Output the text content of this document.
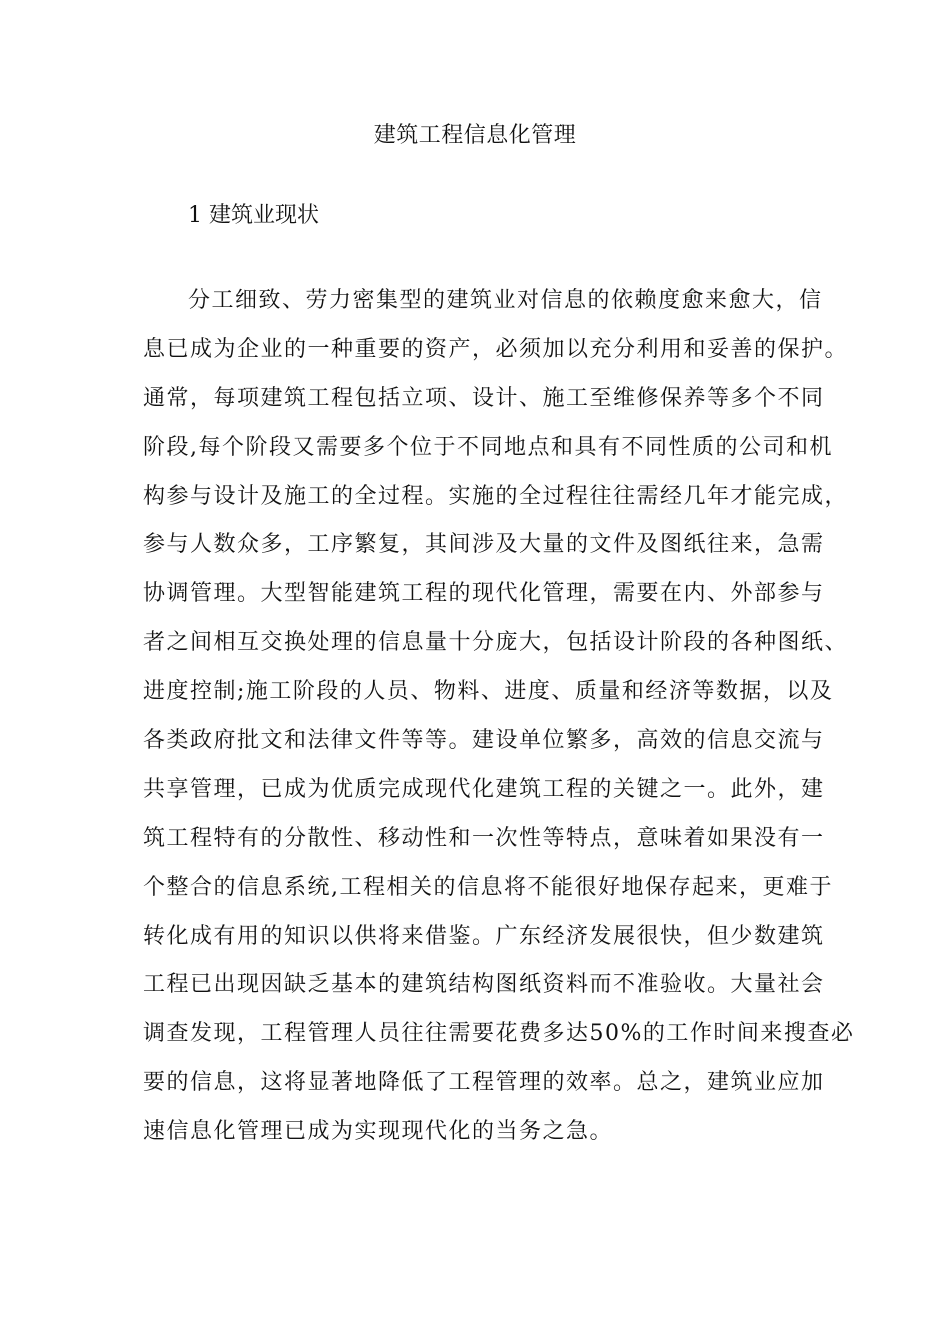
建筑工程信息化管理
1 建筑业现状
分工细致、劳力密集型的建筑业对信息的依赖度愈来愈大，信
息已成为企业的一种重要的资产，必须加以充分利用和妥善的保护。
通常，每项建筑工程包括立项、设计、施工至维修保养等多个不同
阶段,每个阶段又需要多个位于不同地点和具有不同性质的公司和机
构参与设计及施工的全过程。实施的全过程往往需经几年才能完成，
参与人数众多，工序繁复，其间涉及大量的文件及图纸往来，急需
协调管理。大型智能建筑工程的现代化管理，需要在内、外部参与
者之间相互交换处理的信息量十分庞大，包括设计阶段的各种图纸、
进度控制;施工阶段的人员、物料、进度、质量和经济等数据，以及
各类政府批文和法律文件等等。建设单位繁多，高效的信息交流与
共享管理，已成为优质完成现代化建筑工程的关键之一。此外，建
筑工程特有的分散性、移动性和一次性等特点，意味着如果没有一
个整合的信息系统,工程相关的信息将不能很好地保存起来，更难于
转化成有用的知识以供将来借鉴。广东经济发展很快，但少数建筑
工程已出现因缺乏基本的建筑结构图纸资料而不准验收。大量社会
调查发现，工程管理人员往往需要花费多达50%的工作时间来搜查必
要的信息，这将显著地降低了工程管理的效率。总之，建筑业应加
速信息化管理已成为实现现代化的当务之急。
